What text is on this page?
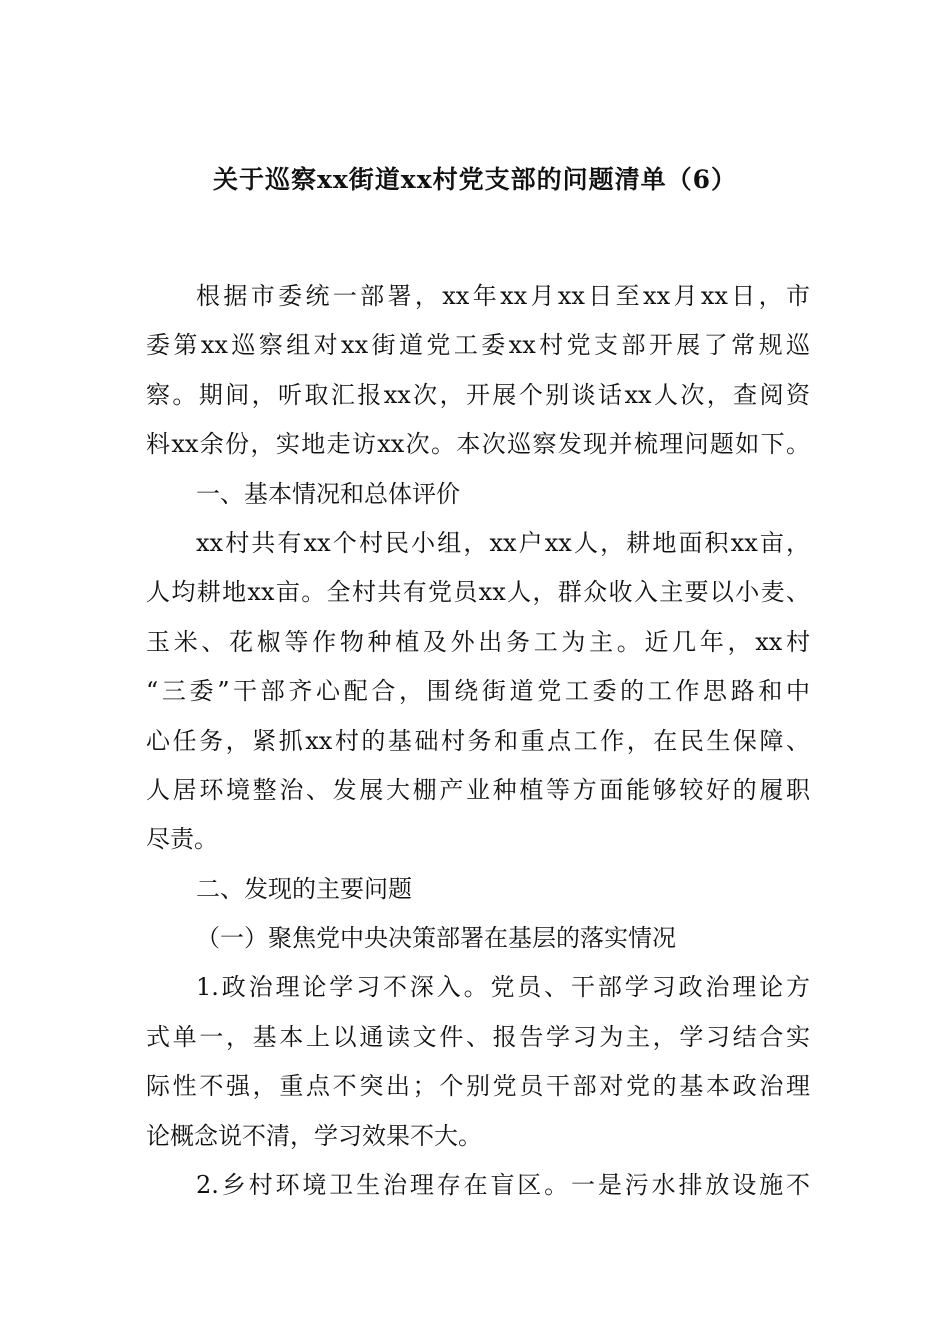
关于巡察xx街道xx村党支部的问题清单（6）
根据市委统一部署，xx年xx月xx日至xx月xx日，市
委第xx巡察组对xx街道党工委xx村党支部开展了常规巡
察。期间，听取汇报xx次，开展个别谈话xx人次，查阅资
料xx余份，实地走访xx次。本次巡察发现并梳理问题如下。
一、基本情况和总体评价
xx村共有xx个村民小组，xx户xx人，耕地面积xx亩，
人均耕地xx亩。全村共有党员xx人，群众收入主要以小麦、
玉米、花椒等作物种植及外出务工为主。近几年，xx村
“三委”干部齐心配合，围绕街道党工委的工作思路和中
心任务，紧抓xx村的基础村务和重点工作，在民生保障、
人居环境整治、发展大棚产业种植等方面能够较好的履职
尽责。
二、发现的主要问题
（一）聚焦党中央决策部署在基层的落实情况
1.政治理论学习不深入。党员、干部学习政治理论方
式单一，基本上以通读文件、报告学习为主，学习结合实
际性不强，重点不突出；个别党员干部对党的基本政治理
论概念说不清，学习效果不大。
2.乡村环境卫生治理存在盲区。一是污水排放设施不
